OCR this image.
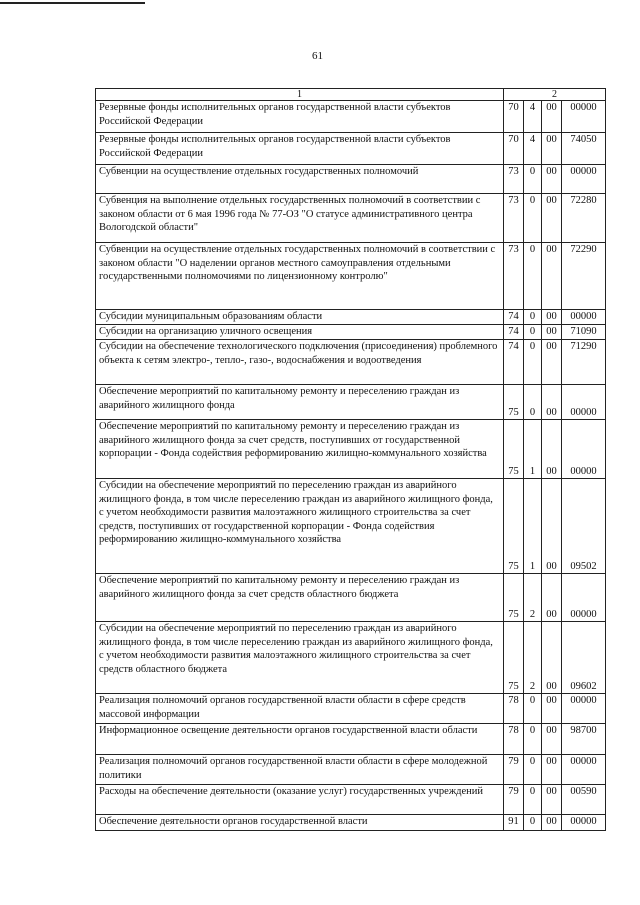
61
1	2			
Резервные фонды исполнительных органов государственной власти субъектов Российской Федерации	70	4	00	00000
Резервные фонды исполнительных органов государственной власти субъектов Российской Федерации	70	4	00	74050
Субвенции на осуществление отдельных государственных полномочий	73	0	00	00000
Субвенция на выполнение отдельных государственных полномочий в соответствии с законом области от 6 мая 1996 года № 77-ОЗ "О статусе административного центра Вологодской области"	73	0	00	72280
Субвенции на осуществление отдельных государственных полномочий в соответствии с законом области "О наделении органов местного самоуправления отдельными государственными полномочиями по лицензионному контролю"	73	0	00	72290
Субсидии муниципальным образованиям области	74	0	00	00000
Субсидии на организацию уличного освещения	74	0	00	71090
Субсидии на обеспечение технологического подключения (присоединения) проблемного объекта к сетям электро-, тепло-, газо-, водоснабжения и водоотведения	74	0	00	71290
Обеспечение мероприятий по капитальному ремонту и переселению граждан из аварийного жилищного фонда	75	0	00	00000
Обеспечение мероприятий по капитальному ремонту и переселению граждан из аварийного жилищного фонда за счет средств, поступивших от государственной корпорации - Фонда содействия реформированию жилищно-коммунального хозяйства	75	1	00	00000
Субсидии на обеспечение мероприятий по переселению граждан из аварийного жилищного фонда, в том числе переселению граждан из аварийного жилищного фонда, с учетом необходимости развития малоэтажного жилищного строительства за счет средств, поступивших от государственной корпорации - Фонда содействия реформированию жилищно-коммунального хозяйства	75	1	00	09502
Обеспечение мероприятий по капитальному ремонту и переселению граждан из аварийного жилищного фонда за счет средств областного бюджета	75	2	00	00000
Субсидии на обеспечение мероприятий по переселению граждан из аварийного жилищного фонда, в том числе переселению граждан из аварийного жилищного фонда, с учетом необходимости развития малоэтажного жилищного строительства за счет средств областного бюджета	75	2	00	09602
Реализация полномочий органов государственной власти области в сфере средств массовой информации	78	0	00	00000
Информационное освещение деятельности органов государственной власти области	78	0	00	98700
Реализация полномочий органов государственной власти области в сфере молодежной политики	79	0	00	00000
Расходы на обеспечение деятельности (оказание услуг) государственных учреждений	79	0	00	00590
Обеспечение деятельности органов государственной власти	91	0	00	00000
